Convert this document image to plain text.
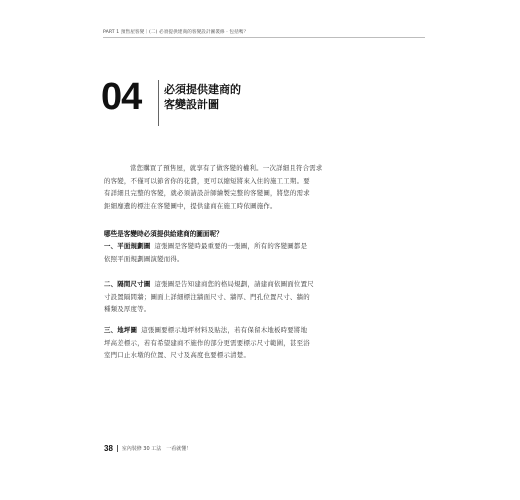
PART 1 預售屋客變｜(二) 必須提供建商的客變設計圖裝修 · 包括嗎？
04 必須提供建商的
客變設計圖
當您購買了預售屋，就享有了做客變的權利。一次詳細且符合需求
的客變，不僅可以節省你的花費，更可以縮短將來入住的施工工期。要
有詳細且完整的客變，就必須請設計師繪製完整的客變圖，將您的需求
鉅細靡遺的標注在客變圖中，提供建商在施工時依圖施作。
哪些是客變時必須提供給建商的圖面呢？
一、平面規劃圖 這張圖是客變時最重要的一張圖，所有的客變圖都是
依照平面規劃圖演變而得。
二、隔間尺寸圖 這張圖是告知建商您的格局規劃，請建商依圖面位置尺
寸設置隔間牆；圖面上詳細標注牆面尺寸、牆厚、門孔位置尺寸、牆的
種類及厚度等。
三、地坪圖 這張圖要標示地坪材料及貼法，若有保留木地板時要將地
坪高差標示，若有希望建商不施作的部分更需要標示尺寸範圍，甚至浴
室門口止水墩的位置、尺寸及高度也要標示清楚。
38 室內裝修 30 工法　一看就懂！
